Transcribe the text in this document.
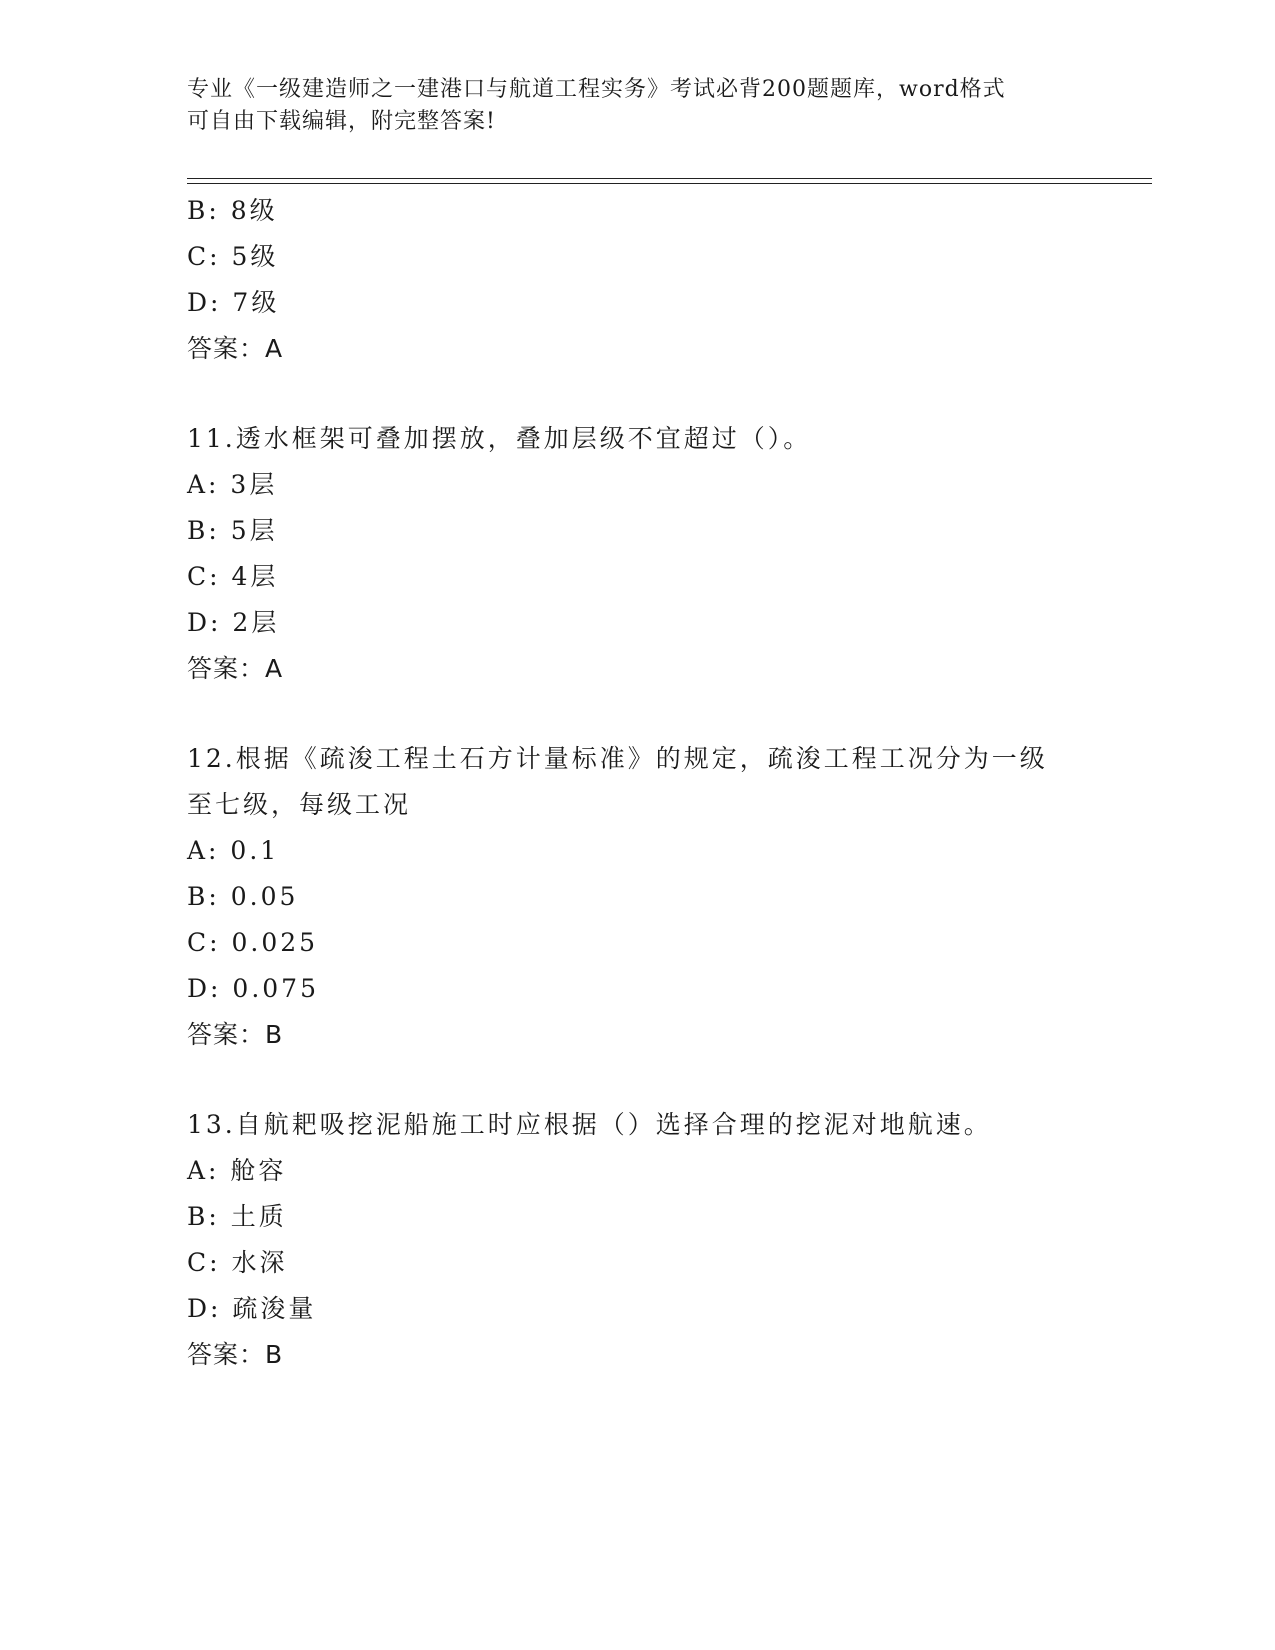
专业《一级建造师之一建港口与航道工程实务》考试必背200题题库，word格式
可自由下载编辑，附完整答案!
B: 8级
C: 5级
D: 7级
答案：A
11.透水框架可叠加摆放，叠加层级不宜超过（）。
A: 3层
B: 5层
C: 4层
D: 2层
答案：A
12.根据《疏浚工程土石方计量标准》的规定，疏浚工程工况分为一级
至七级，每级工况
A: 0.1
B: 0.05
C: 0.025
D: 0.075
答案：B
13.自航耙吸挖泥船施工时应根据（）选择合理的挖泥对地航速。
A: 舱容
B: 土质
C: 水深
D: 疏浚量
答案：B
